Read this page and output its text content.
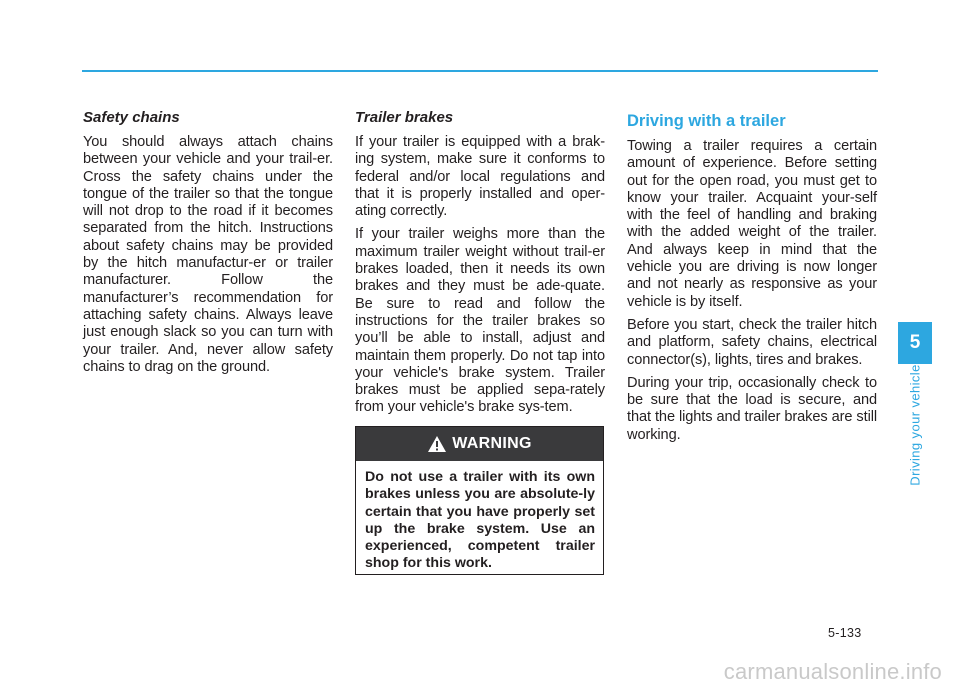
Safety chains

You should always attach chains between your vehicle and your trail-er. Cross the safety chains under the tongue of the trailer so that the tongue will not drop to the road if it becomes separated from the hitch. Instructions about safety chains may be provided by the hitch manufactur-er or trailer manufacturer. Follow the manufacturer’s recommendation for attaching safety chains. Always leave just enough slack so you can turn with your trailer. And, never allow safety chains to drag on the ground.

Trailer brakes

If your trailer is equipped with a brak-ing system, make sure it conforms to federal and/or local regulations and that it is properly installed and oper-ating correctly.

If your trailer weighs more than the maximum trailer weight without trail-er brakes loaded, then it needs its own brakes and they must be ade-quate. Be sure to read and follow the instructions for the trailer brakes so you’ll be able to install, adjust and maintain them properly. Do not tap into your vehicle's brake system. Trailer brakes must be applied sepa-rately from your vehicle's brake sys-tem.

WARNING

Do not use a trailer with its own brakes unless you are absolute-ly certain that you have properly set up the brake system. Use an experienced, competent trailer shop for this work.

Driving with a trailer

Towing a trailer requires a certain amount of experience. Before setting out for the open road, you must get to know your trailer. Acquaint your-self with the feel of handling and braking with the added weight of the trailer. And always keep in mind that the vehicle you are driving is now longer and not nearly as responsive as your vehicle is by itself.

Before you start, check the trailer hitch and platform, safety chains, electrical connector(s), lights, tires and brakes.

During your trip, occasionally check to be sure that the load is secure, and that the lights and trailer brakes are still working.

5
Driving your vehicle
5-133
carmanualsonline.info
